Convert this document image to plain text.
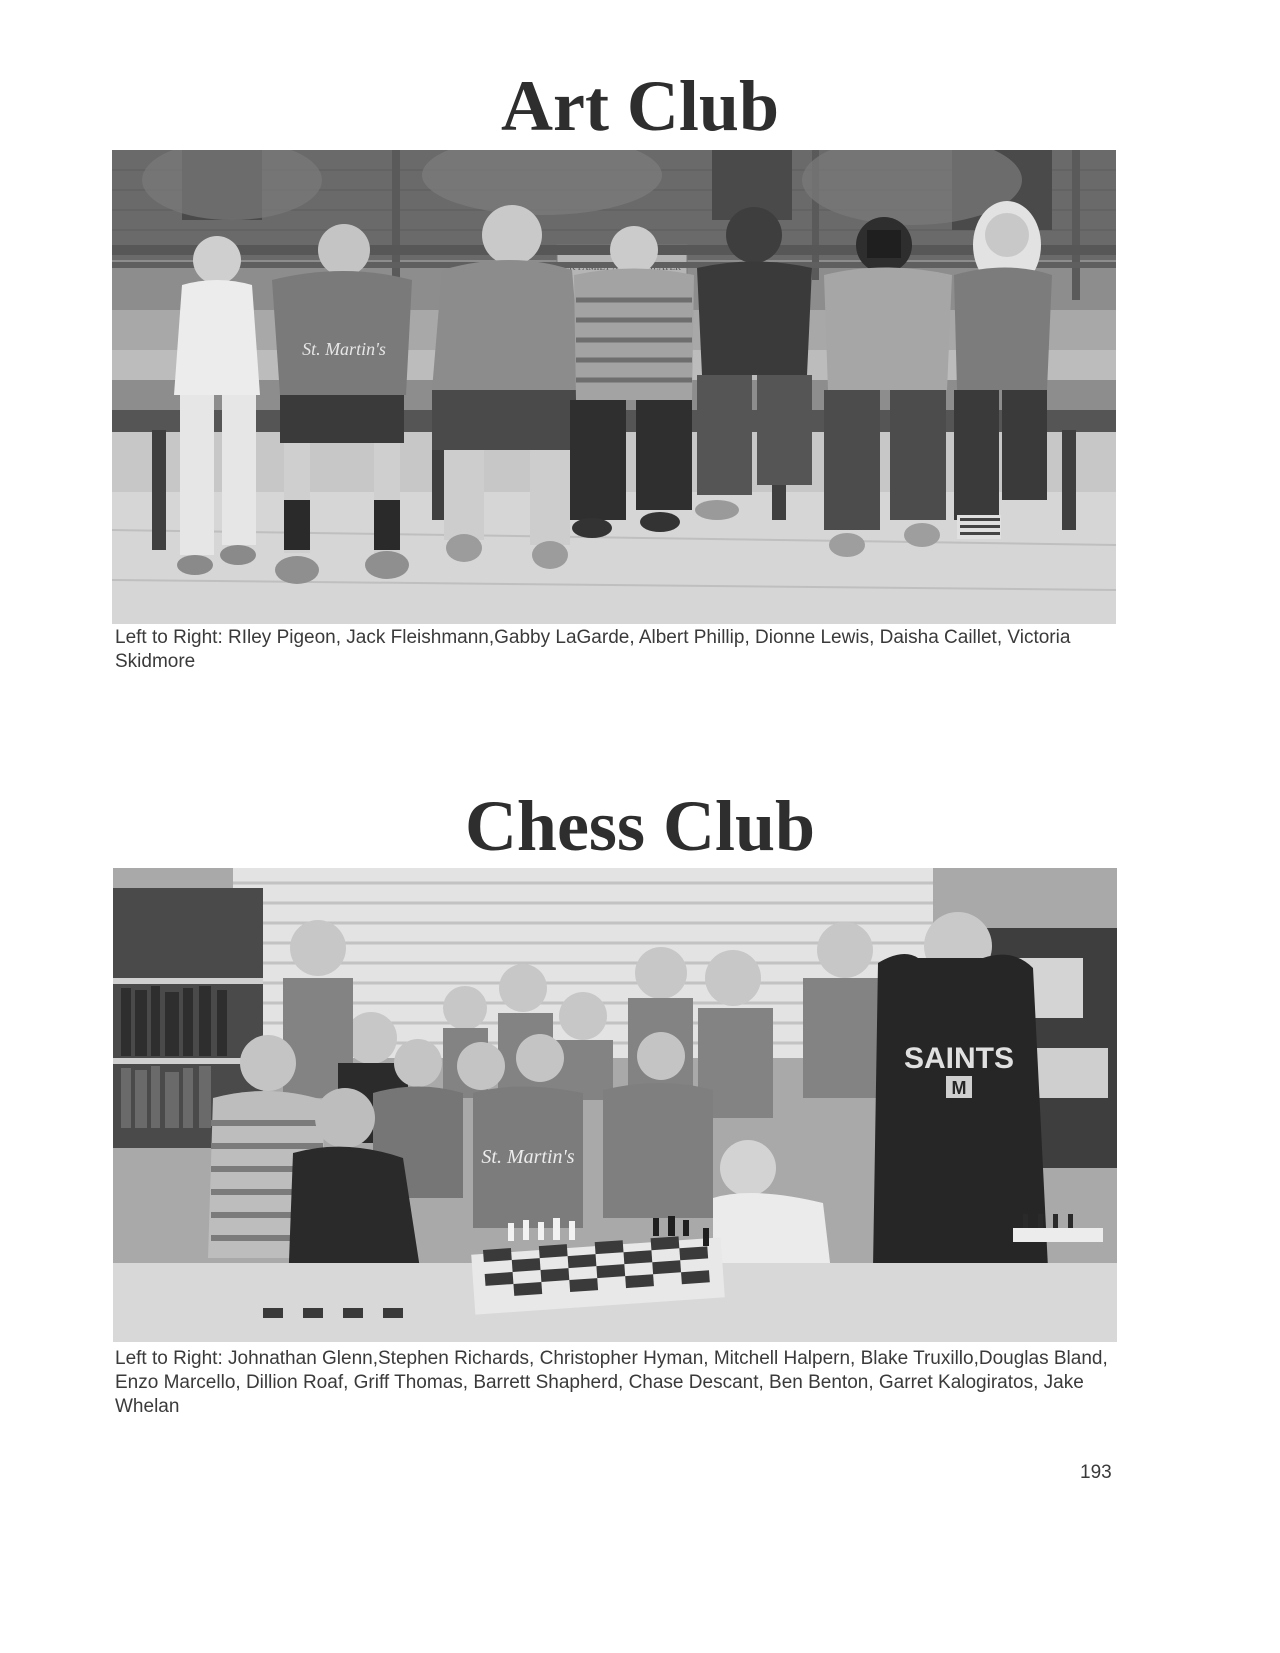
Art Club
St. Martin's

Left to Right: RIley Pigeon, Jack Fleishmann,Gabby LaGarde, Albert Phillip, Dionne Lewis, Daisha Caillet, Victoria Skidmore

Chess Club
St. Martin's
SAINTS
M

Left to Right: Johnathan Glenn,Stephen Richards, Christopher Hyman, Mitchell Halpern, Blake Truxillo,Douglas Bland, Enzo Marcello, Dillion Roaf, Griff Thomas, Barrett Shapherd, Chase Descant, Ben Benton, Garret Kalogiratos, Jake Whelan

193
